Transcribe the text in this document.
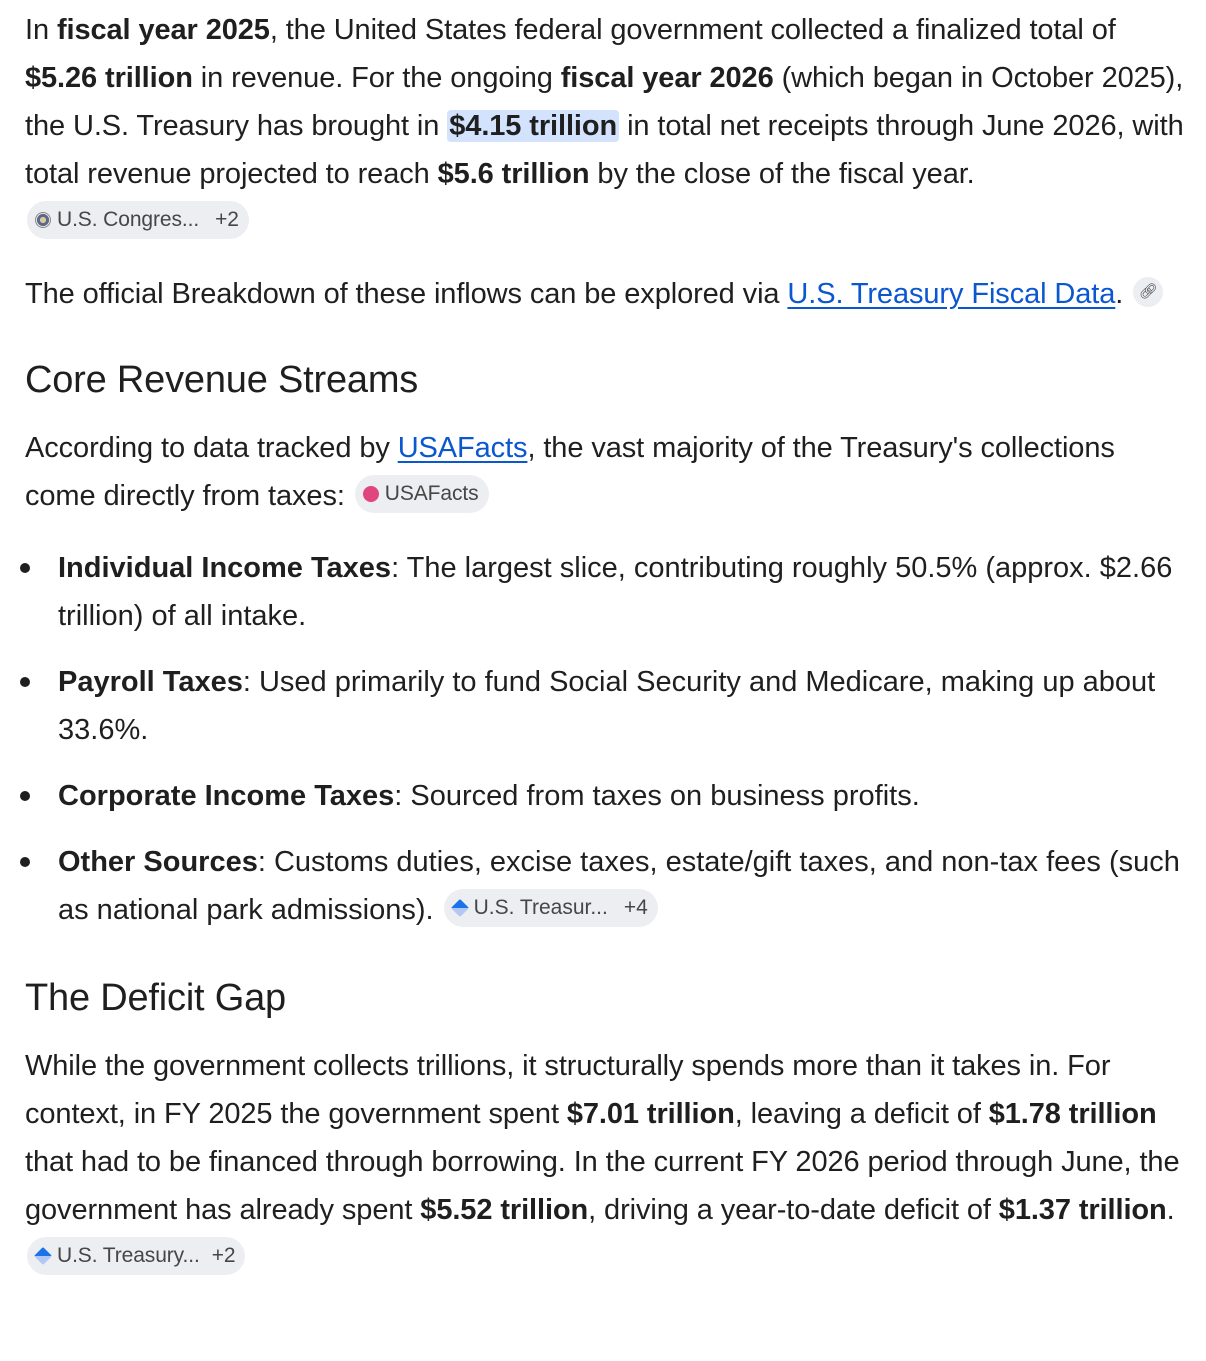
In fiscal year 2025, the United States federal government collected a finalized total of $5.26 trillion in revenue. For the ongoing fiscal year 2026 (which began in October 2025), the U.S. Treasury has brought in $4.15 trillion in total net receipts through June 2026, with total revenue projected to reach $5.6 trillion by the close of the fiscal year.
U.S. Congres... +2

The official Breakdown of these inflows can be explored via U.S. Treasury Fiscal Data. 🔗︎

Core Revenue Streams

According to data tracked by USAFacts, the vast majority of the Treasury's collections come directly from taxes: USAFacts

Individual Income Taxes: The largest slice, contributing roughly 50.5% (approx. $2.66 trillion) of all intake.
Payroll Taxes: Used primarily to fund Social Security and Medicare, making up about 33.6%.
Corporate Income Taxes: Sourced from taxes on business profits.
Other Sources: Customs duties, excise taxes, estate/gift taxes, and non-tax fees (such as national park admissions). U.S. Treasur... +4
The Deficit Gap

While the government collects trillions, it structurally spends more than it takes in. For context, in FY 2025 the government spent $7.01 trillion, leaving a deficit of $1.78 trillion that had to be financed through borrowing. In the current FY 2026 period through June, the government has already spent $5.52 trillion, driving a year-to-date deficit of $1.37 trillion.
U.S. Treasury... +2
